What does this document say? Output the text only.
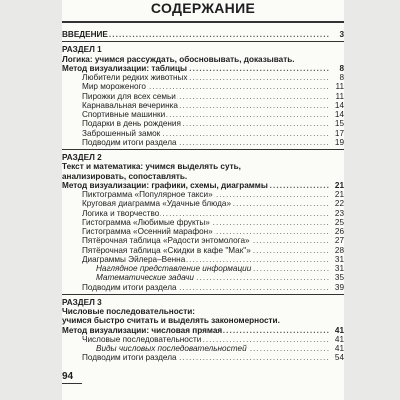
СОДЕРЖАНИЕ
ВВЕДЕНИЕ . . .	3
РАЗДЕЛ 1
Логика: учимся рассуждать, обосновывать, доказывать.
Метод визуализации: таблицы . . .	8
Любители редких животных . . .	8
Мир мороженого . . .	11
Пирожки для всех семьи . . .	11
Карнавальная вечеринка . . .	14
Спортивные машинки . . .	14
Подарки в день рождения . . .	15
Заброшенный замок . . .	17
Подводим итоги раздела . . .	19
РАЗДЕЛ 2
Текст и математика: учимся выделять суть,
анализировать, сопоставлять.
Метод визуализации: графики, схемы, диаграммы . . .	21
Пиктограмма «Популярное такси» . . .	21
Круговая диаграмма «Удачные блюда» . . .	22
Логика и творчество . . .	23
Гистограмма «Любимые фрукты» . . .	25
Гистограмма «Осенний марафон» . . .	26
Пятёрочная таблица «Радости энтомолога» . . .	27
Пятёрочная таблица «Скидки в кафе "Мак"» . . .	28
Диаграммы Эйлера–Венна . . .	31
Наглядное представление информации . . .	31
Математические задачи . . .	35
Подводим итоги раздела . . .	39
РАЗДЕЛ 3
Числовые последовательности:
учимся быстро считать и выделять закономерности.
Метод визуализации: числовая прямая . . .	41
Числовые последовательности . . .	41
Виды числовых последовательностей . . .	41
Подводим итоги раздела . . .	54
94
